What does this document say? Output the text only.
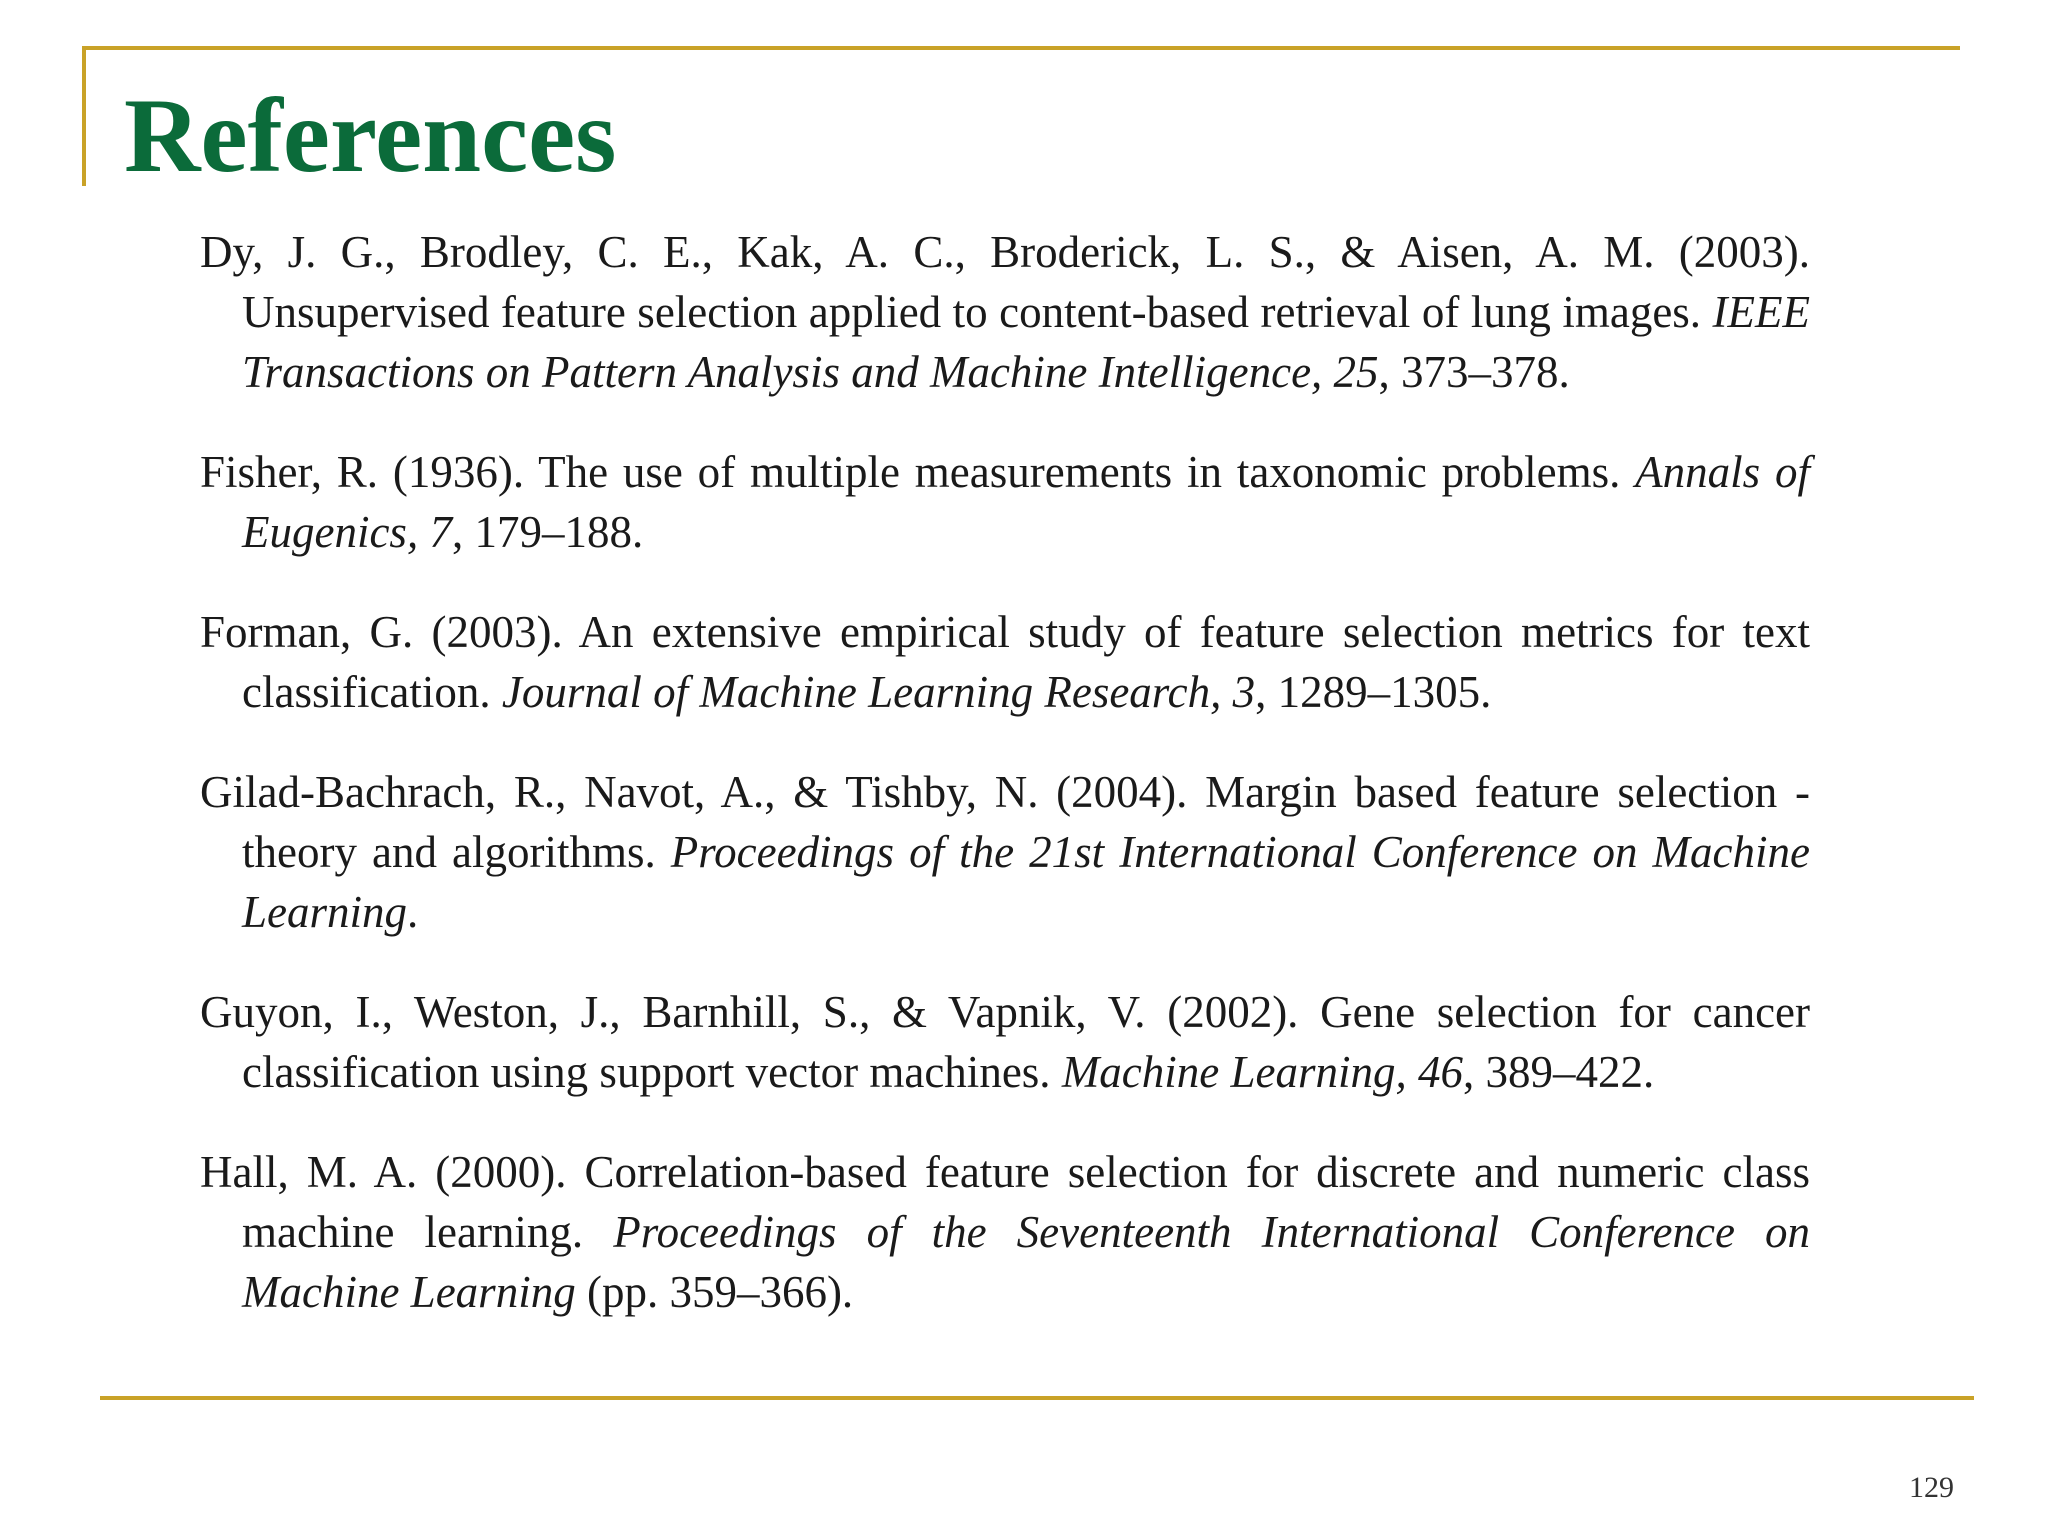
References
Dy, J. G., Brodley, C. E., Kak, A. C., Broderick, L. S., & Aisen, A. M. (2003). Unsupervised feature selection applied to content-based retrieval of lung images. IEEE Transactions on Pattern Analysis and Machine Intelligence, 25, 373–378.
Fisher, R. (1936). The use of multiple measurements in taxonomic problems. Annals of Eugenics, 7, 179–188.
Forman, G. (2003). An extensive empirical study of feature selection metrics for text classification. Journal of Machine Learning Research, 3, 1289–1305.
Gilad-Bachrach, R., Navot, A., & Tishby, N. (2004). Margin based feature selection - theory and algorithms. Proceedings of the 21st International Conference on Machine Learning.
Guyon, I., Weston, J., Barnhill, S., & Vapnik, V. (2002). Gene selection for cancer classification using support vector machines. Machine Learning, 46, 389–422.
Hall, M. A. (2000). Correlation-based feature selection for discrete and numeric class machine learning. Proceedings of the Seventeenth International Conference on Machine Learning (pp. 359–366).
129
